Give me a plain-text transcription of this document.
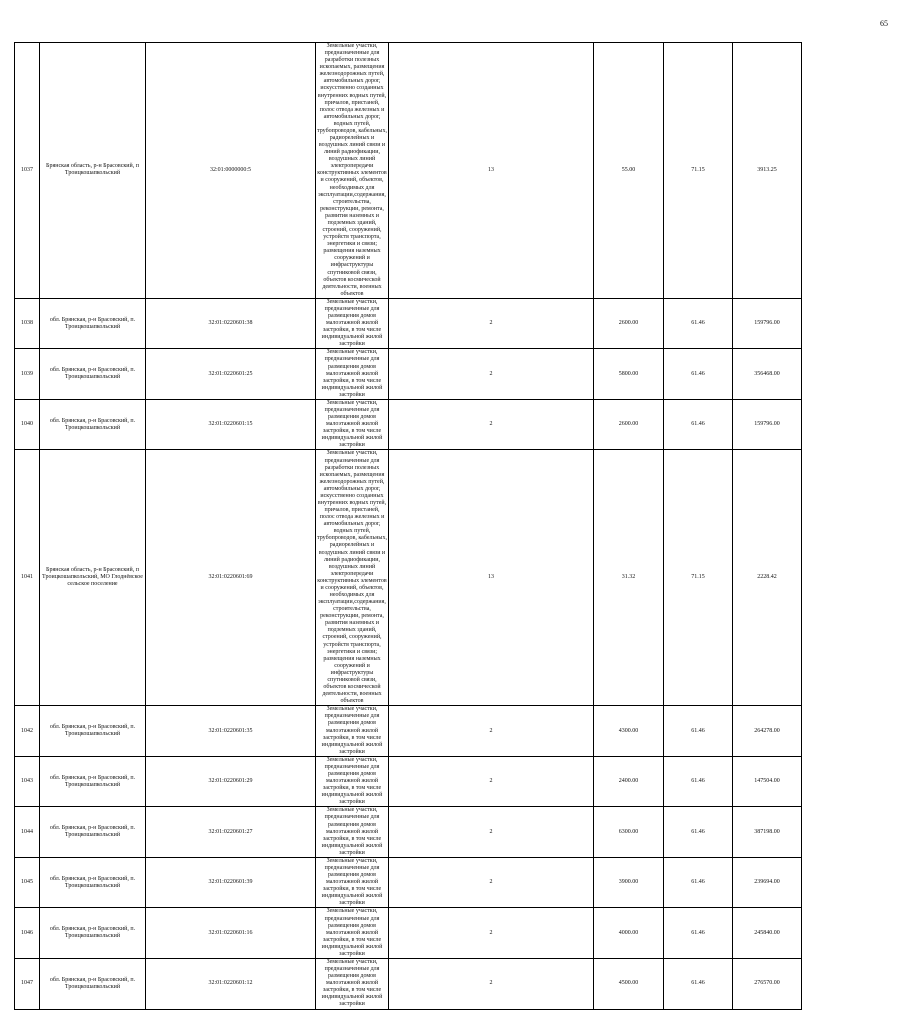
65
1037	Брянская область, р-н Брасовский, п Троицкошапкольский	32:01:0000000:5	Земельные участки, предназначенные для разработки полезных ископаемых, размещения железнодорожных путей, автомобильных дорог, искусственно созданных внутренних водных путей, причалов, пристаней, полос отвода железных и автомобильных дорог, водных путей, трубопроводов, кабельных, радиорелейных и воздушных линий связи и линий радиофикации, воздушных линий электропередачи конструктивных элементов и сооружений, объектов, необходимых для эксплуатации,содержания, строительства, реконструкции, ремонта, развития наземных и подземных зданий, строений, сооружений, устройств транспорта, энергетики и связи; размещения наземных сооружений и инфраструктуры спутниковой связи, объектов космической деятельности, военных объектов	13	55.00	71.15	3913.25
1038	обл. Брянская, р-н Брасовский, п. Троицкошапкольский	32:01:0220601:38	Земельные участки, предназначенные для размещения домов малоэтажной жилой застройки, в том числе индивидуальной жилой застройки	2	2600.00	61.46	159796.00
1039	обл. Брянская, р-н Брасовский, п. Троицкошапкольский	32:01:0220601:25	Земельные участки, предназначенные для размещения домов малоэтажной жилой застройки, в том числе индивидуальной жилой застройки	2	5800.00	61.46	356468.00
1040	обл. Брянская, р-н Брасовский, п. Троицкошапкольский	32:01:0220601:15	Земельные участки, предназначенные для размещения домов малоэтажной жилой застройки, в том числе индивидуальной жилой застройки	2	2600.00	61.46	159796.00
1041	Брянская область, р-н Брасовский, п Троицкошапкольский, МО Глоднёвское сельское поселение	32:01:0220601:69	Земельные участки, предназначенные для разработки полезных ископаемых, размещения железнодорожных путей, автомобильных дорог, искусственно созданных внутренних водных путей, причалов, пристаней, полос отвода железных и автомобильных дорог, водных путей, трубопроводов, кабельных, радиорелейных и воздушных линий связи и линий радиофикации, воздушных линий электропередачи конструктивных элементов и сооружений, объектов, необходимых для эксплуатации,содержания, строительства, реконструкции, ремонта, развития наземных и подземных зданий, строений, сооружений, устройств транспорта, энергетики и связи; размещения наземных сооружений и инфраструктуры спутниковой связи, объектов космической деятельности, военных объектов	13	31.32	71.15	2228.42
1042	обл. Брянская, р-н Брасовский, п. Троицкошапкольский	32:01:0220601:35	Земельные участки, предназначенные для размещения домов малоэтажной жилой застройки, в том числе индивидуальной жилой застройки	2	4300.00	61.46	264278.00
1043	обл. Брянская, р-н Брасовский, п. Троицкошапкольский	32:01:0220601:29	Земельные участки, предназначенные для размещения домов малоэтажной жилой застройки, в том числе индивидуальной жилой застройки	2	2400.00	61.46	147504.00
1044	обл. Брянская, р-н Брасовский, п. Троицкошапкольский	32:01:0220601:27	Земельные участки, предназначенные для размещения домов малоэтажной жилой застройки, в том числе индивидуальной жилой застройки	2	6300.00	61.46	387198.00
1045	обл. Брянская, р-н Брасовский, п. Троицкошапкольский	32:01:0220601:39	Земельные участки, предназначенные для размещения домов малоэтажной жилой застройки, в том числе индивидуальной жилой застройки	2	3900.00	61.46	239694.00
1046	обл. Брянская, р-н Брасовский, п. Троицкошапкольский	32:01:0220601:16	Земельные участки, предназначенные для размещения домов малоэтажной жилой застройки, в том числе индивидуальной жилой застройки	2	4000.00	61.46	245840.00
1047	обл. Брянская, р-н Брасовский, п. Троицкошапкольский	32:01:0220601:12	Земельные участки, предназначенные для размещения домов малоэтажной жилой застройки, в том числе индивидуальной жилой застройки	2	4500.00	61.46	276570.00
